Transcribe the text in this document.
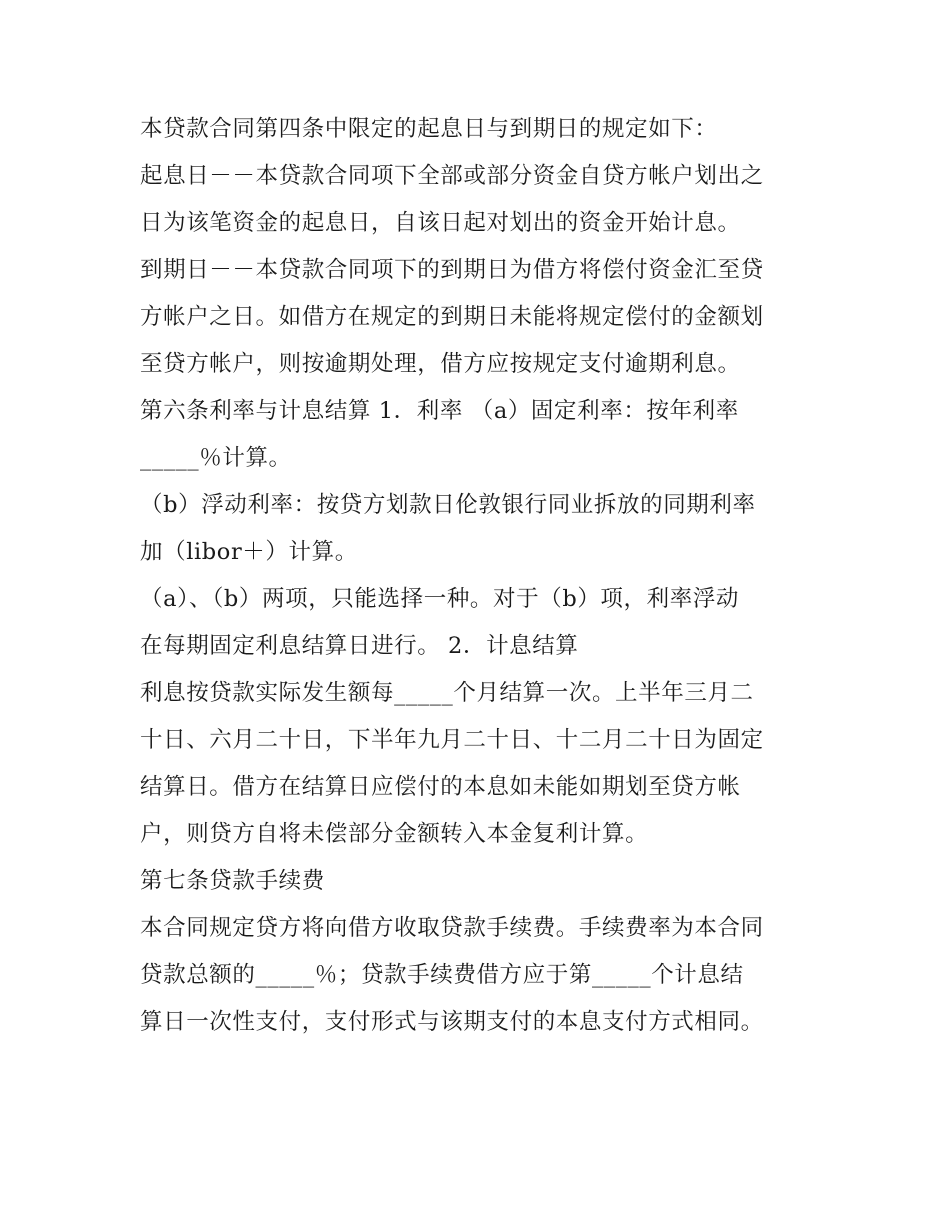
本贷款合同第四条中限定的起息日与到期日的规定如下：
起息日－－本贷款合同项下全部或部分资金自贷方帐户划出之
日为该笔资金的起息日，自该日起对划出的资金开始计息。
到期日－－本贷款合同项下的到期日为借方将偿付资金汇至贷
方帐户之日。如借方在规定的到期日未能将规定偿付的金额划
至贷方帐户，则按逾期处理，借方应按规定支付逾期利息。
第六条利率与计息结算 1．利率 （a）固定利率：按年利率
_____％计算。
（b）浮动利率：按贷方划款日伦敦银行同业拆放的同期利率
加（libor＋）计算。
（a）、（b）两项，只能选择一种。对于（b）项，利率浮动
在每期固定利息结算日进行。 2．计息结算
利息按贷款实际发生额每_____个月结算一次。上半年三月二
十日、六月二十日，下半年九月二十日、十二月二十日为固定
结算日。借方在结算日应偿付的本息如未能如期划至贷方帐
户，则贷方自将未偿部分金额转入本金复利计算。
第七条贷款手续费
本合同规定贷方将向借方收取贷款手续费。手续费率为本合同
贷款总额的_____％；贷款手续费借方应于第_____个计息结
算日一次性支付，支付形式与该期支付的本息支付方式相同。
